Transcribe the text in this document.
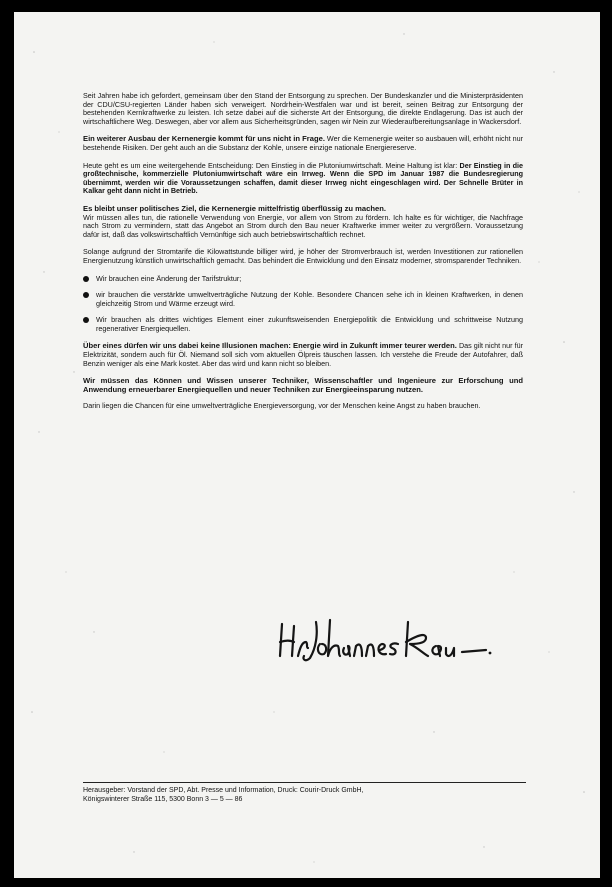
Seit Jahren habe ich gefordert, gemeinsam über den Stand der Entsorgung zu sprechen. Der Bundeskanzler und die Ministerpräsidenten der CDU/CSU-regierten Länder haben sich verweigert. Nordrhein-Westfalen war und ist bereit, seinen Beitrag zur Entsorgung der bestehenden Kernkraftwerke zu leisten. Ich setze dabei auf die sicherste Art der Entsorgung, die direkte Endlagerung. Das ist auch der wirtschaftlichere Weg. Deswegen, aber vor allem aus Sicherheitsgründen, sagen wir Nein zur Wiederaufbereitungsanlage in Wackersdorf.

Ein weiterer Ausbau der Kernenergie kommt für uns nicht in Frage. Wer die Kernenergie weiter so ausbauen will, erhöht nicht nur bestehende Risiken. Der geht auch an die Substanz der Kohle, unsere einzige nationale Energiereserve.

Heute geht es um eine weitergehende Entscheidung: Den Einstieg in die Plutoniumwirtschaft. Meine Haltung ist klar: Der Einstieg in die großtechnische, kommerzielle Plutoniumwirtschaft wäre ein Irrweg. Wenn die SPD im Januar 1987 die Bundesregierung übernimmt, werden wir die Voraussetzungen schaffen, damit dieser Irrweg nicht eingeschlagen wird. Der Schnelle Brüter in Kalkar geht dann nicht in Betrieb.

Es bleibt unser politisches Ziel, die Kernenergie mittelfristig überflüssig zu machen.
Wir müssen alles tun, die rationelle Verwendung von Energie, vor allem von Strom zu fördern. Ich halte es für wichtiger, die Nachfrage nach Strom zu vermindern, statt das Angebot an Strom durch den Bau neuer Kraftwerke immer weiter zu vergrößern. Voraussetzung dafür ist, daß das volkswirtschaftlich Vernünftige sich auch betriebswirtschaftlich rechnet.

Solange aufgrund der Stromtarife die Kilowattstunde billiger wird, je höher der Stromverbrauch ist, werden Investitionen zur rationellen Energienutzung künstlich unwirtschaftlich gemacht. Das behindert die Entwicklung und den Einsatz moderner, stromsparender Techniken.

Wir brauchen eine Änderung der Tarifstruktur;
wir brauchen die verstärkte umweltverträgliche Nutzung der Kohle. Besondere Chancen sehe ich in kleinen Kraftwerken, in denen gleichzeitig Strom und Wärme erzeugt wird.
Wir brauchen als drittes wichtiges Element einer zukunftsweisenden Energiepolitik die Entwicklung und schrittweise Nutzung regenerativer Energiequellen.

Über eines dürfen wir uns dabei keine Illusionen machen: Energie wird in Zukunft immer teurer werden. Das gilt nicht nur für Elektrizität, sondern auch für Öl. Niemand soll sich vom aktuellen Ölpreis täuschen lassen. Ich verstehe die Freude der Autofahrer, daß Benzin weniger als eine Mark kostet. Aber das wird und kann nicht so bleiben.

Wir müssen das Können und Wissen unserer Techniker, Wissenschaftler und Ingenieure zur Erforschung und Anwendung erneuerbarer Energiequellen und neuer Techniken zur Energieeinsparung nutzen.

Darin liegen die Chancen für eine umweltverträgliche Energieversorgung, vor der Menschen keine Angst zu haben brauchen.

Herausgeber: Vorstand der SPD, Abt. Presse und Information, Druck: Courir-Druck GmbH,
Königswinterer Straße 115, 5300 Bonn 3 — 5 — 86
